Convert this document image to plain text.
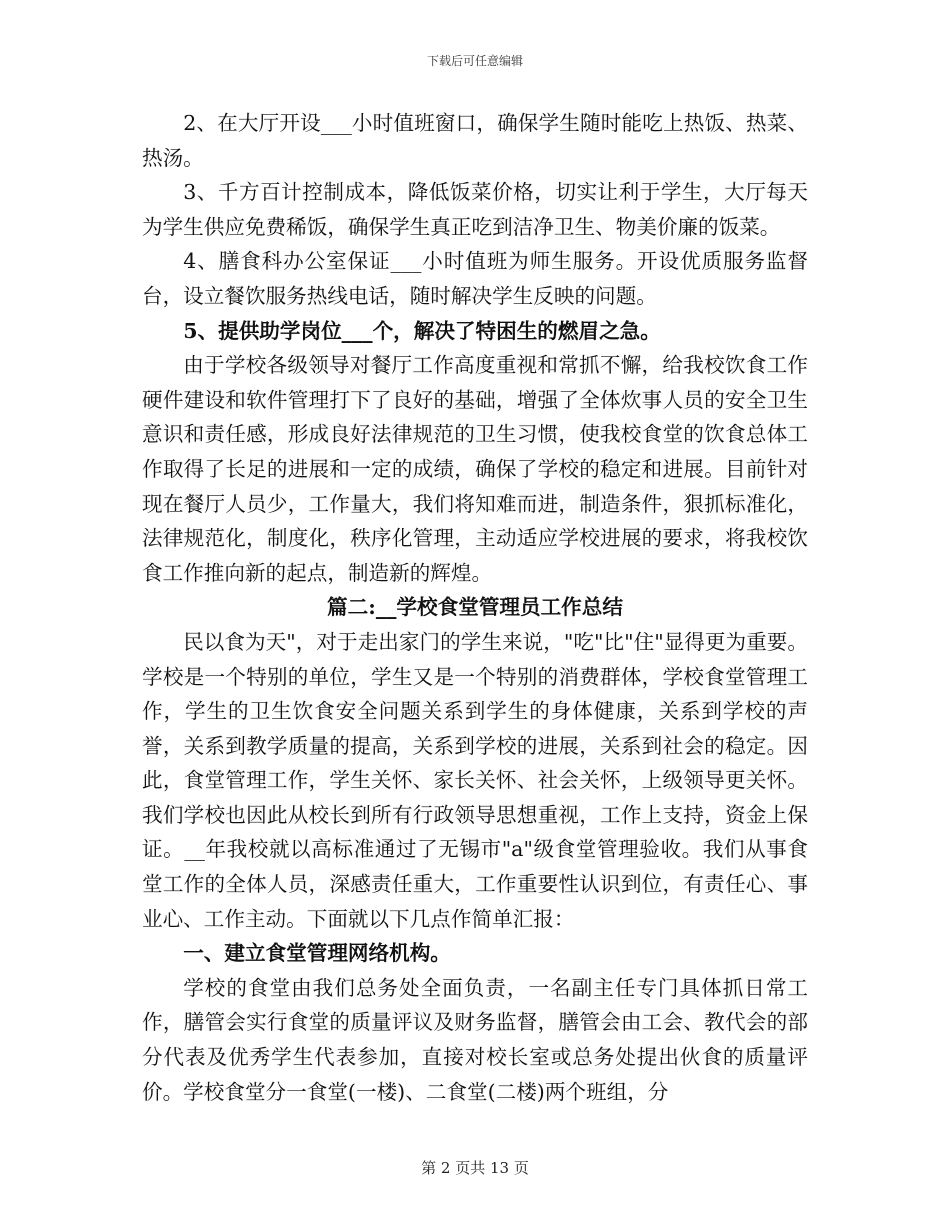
下载后可任意编辑

2、在大厅开设___小时值班窗口，确保学生随时能吃上热饭、热菜、热汤。

3、千方百计控制成本，降低饭菜价格，切实让利于学生，大厅每天为学生供应免费稀饭，确保学生真正吃到洁净卫生、物美价廉的饭菜。

4、膳食科办公室保证___小时值班为师生服务。开设优质服务监督台，设立餐饮服务热线电话，随时解决学生反映的问题。

5、提供助学岗位___个，解决了特困生的燃眉之急。

由于学校各级领导对餐厅工作高度重视和常抓不懈，给我校饮食工作硬件建设和软件管理打下了良好的基础，增强了全体炊事人员的安全卫生意识和责任感，形成良好法律规范的卫生习惯，使我校食堂的饮食总体工作取得了长足的进展和一定的成绩，确保了学校的稳定和进展。目前针对现在餐厅人员少，工作量大，我们将知难而进，制造条件，狠抓标准化，法律规范化，制度化，秩序化管理，主动适应学校进展的要求，将我校饮食工作推向新的起点，制造新的辉煌。

篇二:__学校食堂管理员工作总结

民以食为天"，对于走出家门的学生来说，"吃"比"住"显得更为重要。学校是一个特别的单位，学生又是一个特别的消费群体，学校食堂管理工作，学生的卫生饮食安全问题关系到学生的身体健康，关系到学校的声誉，关系到教学质量的提高，关系到学校的进展，关系到社会的稳定。因此，食堂管理工作，学生关怀、家长关怀、社会关怀，上级领导更关怀。我们学校也因此从校长到所有行政领导思想重视，工作上支持，资金上保证。__年我校就以高标准通过了无锡市"a"级食堂管理验收。我们从事食堂工作的全体人员，深感责任重大，工作重要性认识到位，有责任心、事业心、工作主动。下面就以下几点作简单汇报：

一、建立食堂管理网络机构。

学校的食堂由我们总务处全面负责，一名副主任专门具体抓日常工作，膳管会实行食堂的质量评议及财务监督，膳管会由工会、教代会的部分代表及优秀学生代表参加，直接对校长室或总务处提出伙食的质量评价。学校食堂分一食堂(一楼)、二食堂(二楼)两个班组，分

第 2 页共 13 页
